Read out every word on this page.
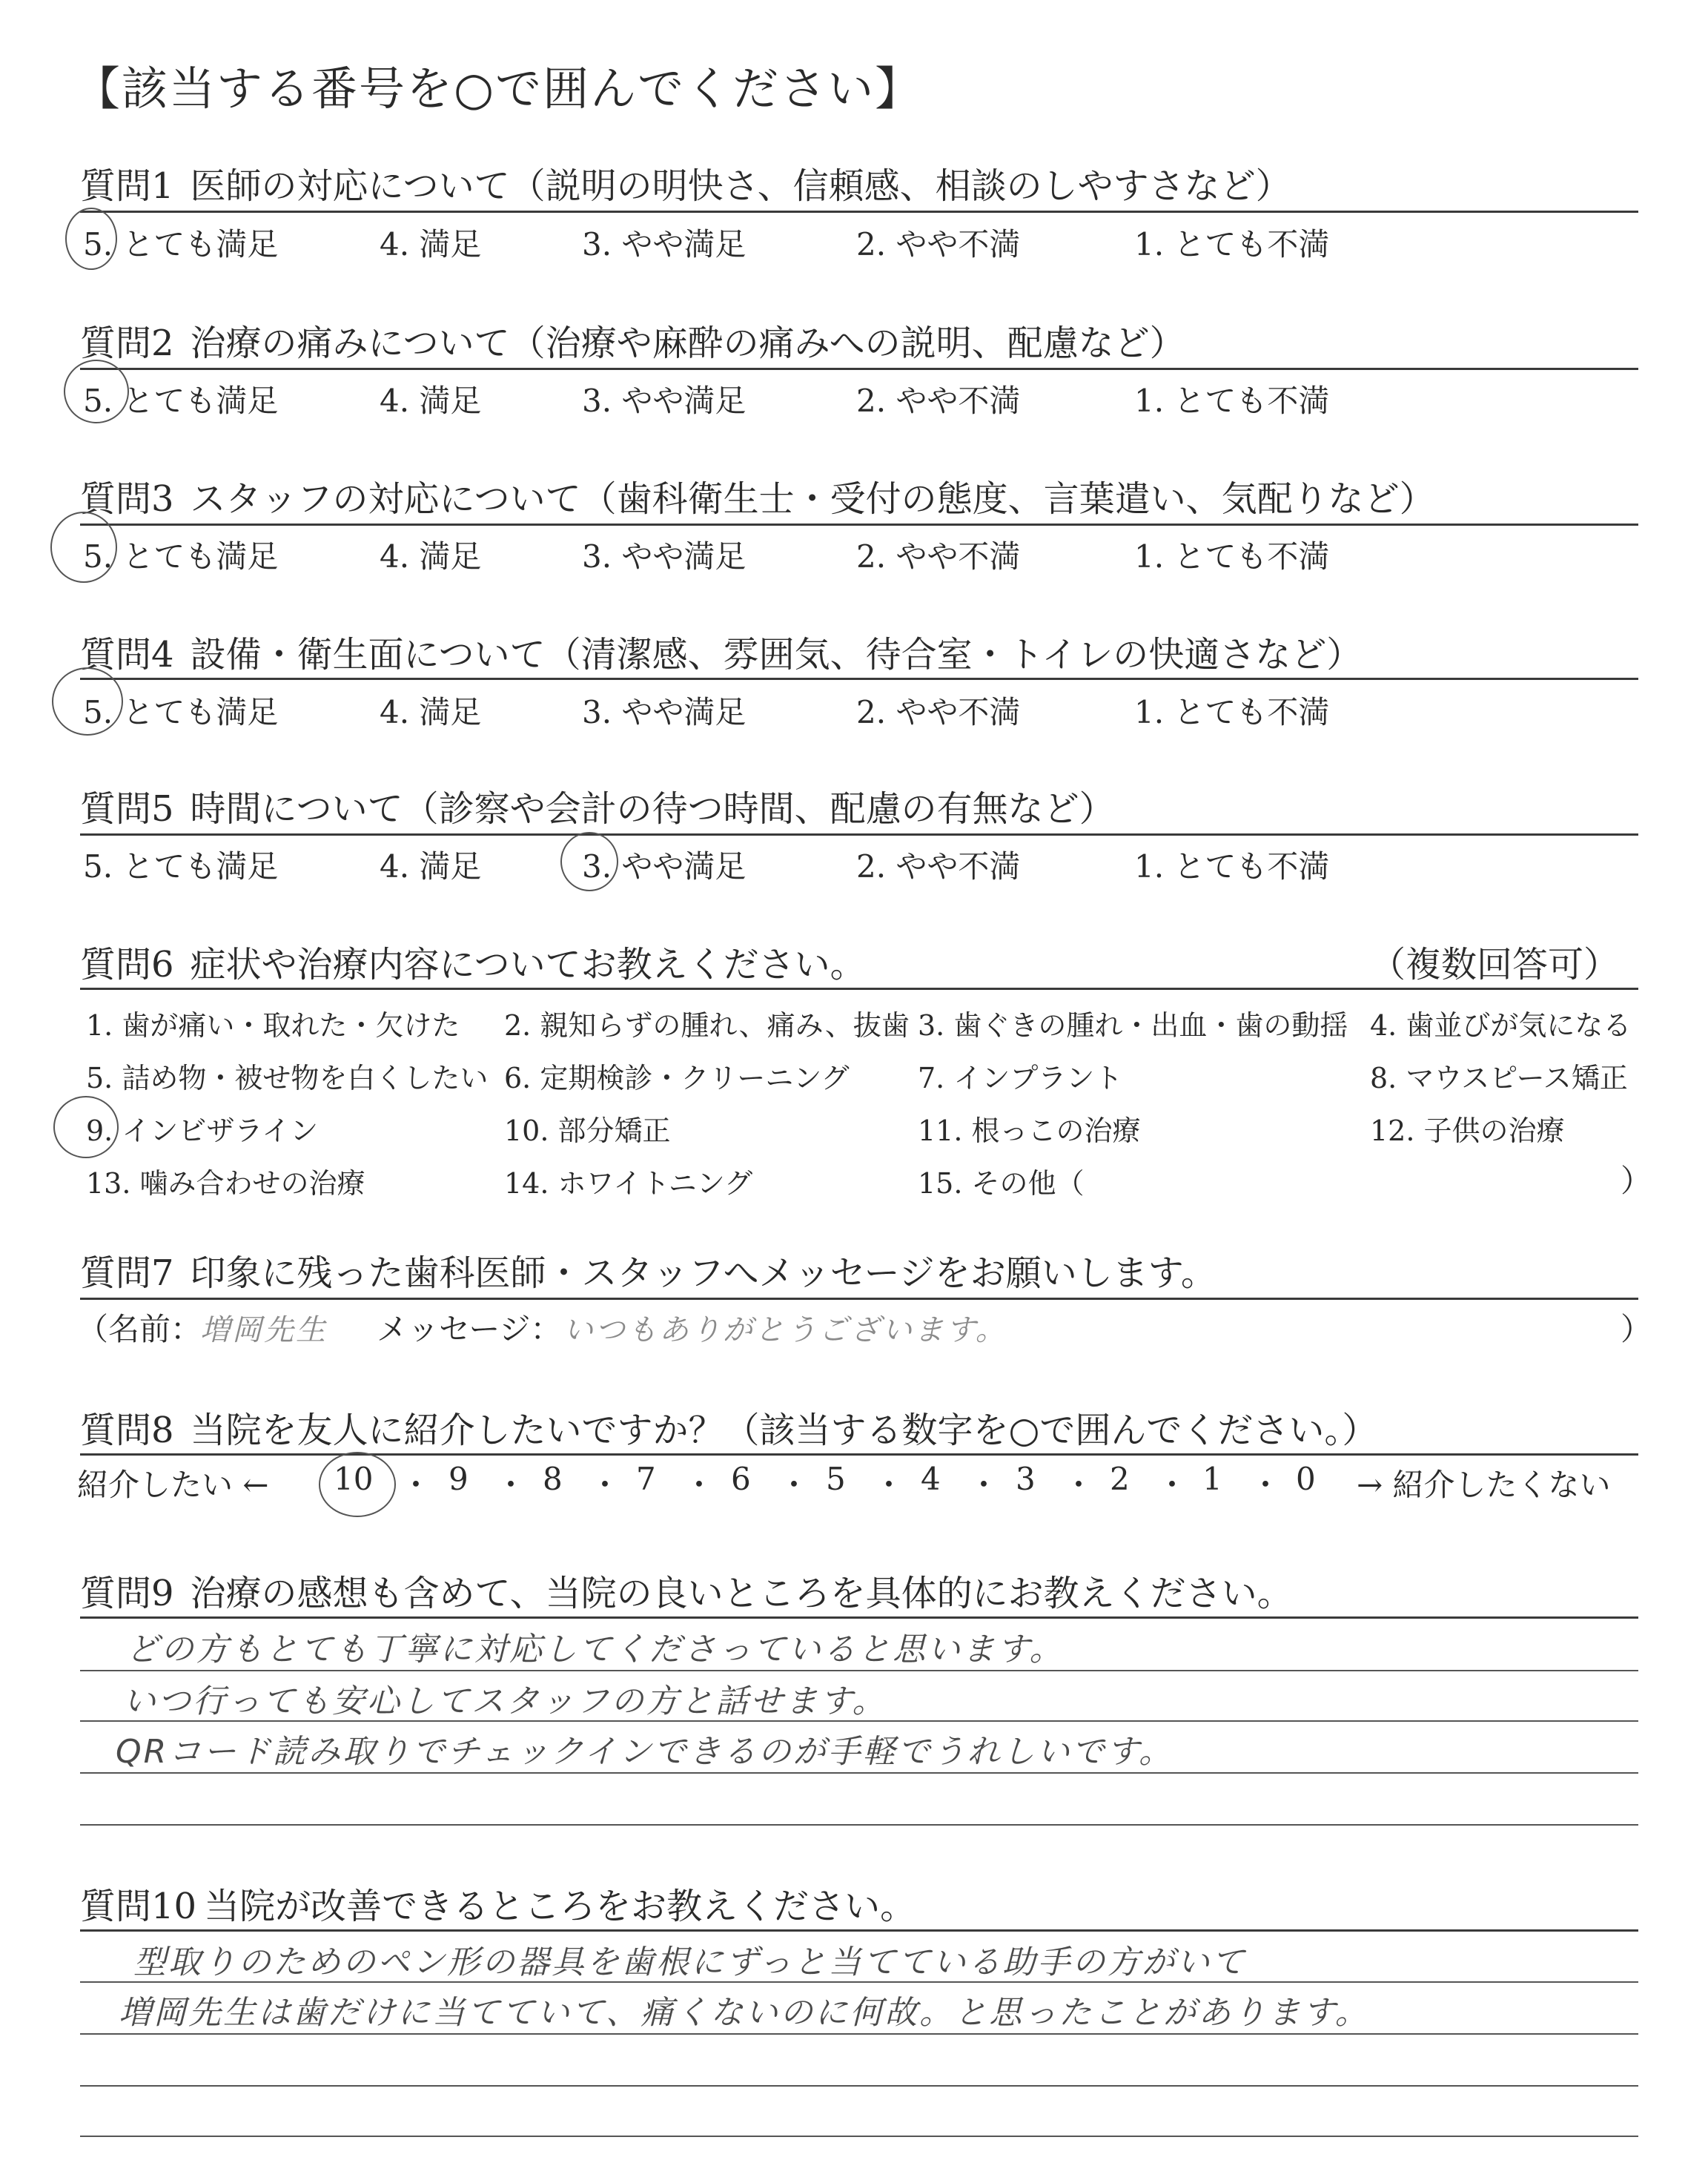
【該当する番号を○で囲んでください】
質問1 医師の対応について（説明の明快さ、信頼感、相談のしやすさなど）
5. とても満足	4. 満足	3. やや満足	2. やや不満	1. とても不満
質問2 治療の痛みについて（治療や麻酔の痛みへの説明、配慮など）
5. とても満足	4. 満足	3. やや満足	2. やや不満	1. とても不満
質問3 スタッフの対応について（歯科衛生士・受付の態度、言葉遣い、気配りなど）
5. とても満足	4. 満足	3. やや満足	2. やや不満	1. とても不満
質問4 設備・衛生面について（清潔感、雰囲気、待合室・トイレの快適さなど）
5. とても満足	4. 満足	3. やや満足	2. やや不満	1. とても不満
質問5 時間について（診察や会計の待つ時間、配慮の有無など）
5. とても満足	4. 満足	3. やや満足	2. やや不満	1. とても不満
質問6 症状や治療内容についてお教えください。	（複数回答可）
1. 歯が痛い・取れた・欠けた 2. 親知らずの腫れ、痛み、抜歯 3. 歯ぐきの腫れ・出血・歯の動揺 4. 歯並びが気になる
5. 詰め物・被せ物を白くしたい 6. 定期検診・クリーニング 7. インプラント	8. マウスピース矯正
9. インビザライン	10. 部分矯正	11. 根っこの治療	12. 子供の治療
13. 噛み合わせの治療	14. ホワイトニング	15. その他（	）
質問7 印象に残った歯科医師・スタッフへメッセージをお願いします。
（名前：
増岡先生 メッセージ： いつもありがとうございます。	）
質問8 当院を友人に紹介したいですか？（該当する数字を○で囲んでください。）
紹介したい ← 10 ・ 9 ・ 8 ・ 7 ・ 6 ・ 5 ・ 4 ・ 3 ・ 2 ・ 1 ・ 0 → 紹介したくない
質問9 治療の感想も含めて、当院の良いところを具体的にお教えください。
どの方もとても丁寧に対応してくださっていると思います。
いつ行っても安心してスタッフの方と話せます。
QRコード読み取りでチェックインできるのが手軽でうれしいです。
質問10 当院が改善できるところをお教えください。
型取りのためのペン形の器具を歯根にずっと当てている助手の方がいて
増岡先生は歯だけに当てていて、痛くないのに何故。と思ったことがあります。
